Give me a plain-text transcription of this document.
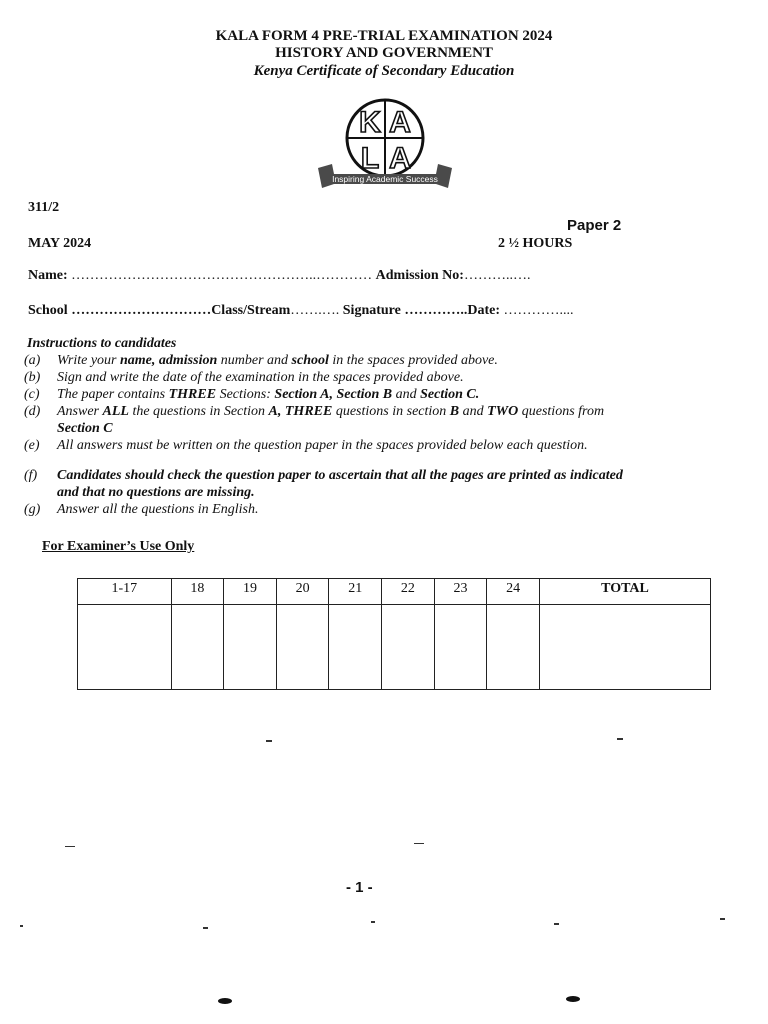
KALA FORM 4 PRE-TRIAL EXAMINATION 2024
HISTORY AND GOVERNMENT
Kenya Certificate of Secondary Education
K A
L A
Inspiring Academic Success
311/2
Paper 2
MAY 2024	2 ½ HOURS
Name: ……………………………………………..………… Admission No:………..….
School …………………………Class/Stream…….…. Signature …………..Date: …………....
Instructions to candidates
(a)	Write your name, admission number and school in the spaces provided above.
(b)	Sign and write the date of the examination in the spaces provided above.
(c)	The paper contains THREE Sections: Section A, Section B and Section C.
(d)	Answer ALL the questions in Section A, THREE questions in section B and TWO questions from
Section C
(e)	All answers must be written on the question paper in the spaces provided below each question.
(f)	Candidates should check the question paper to ascertain that all the pages are printed as indicated
and that no questions are missing.
(g)	Answer all the questions in English.
For Examiner’s Use Only
1-17	18	19	20	21	22	23	24	TOTAL

- 1 -
